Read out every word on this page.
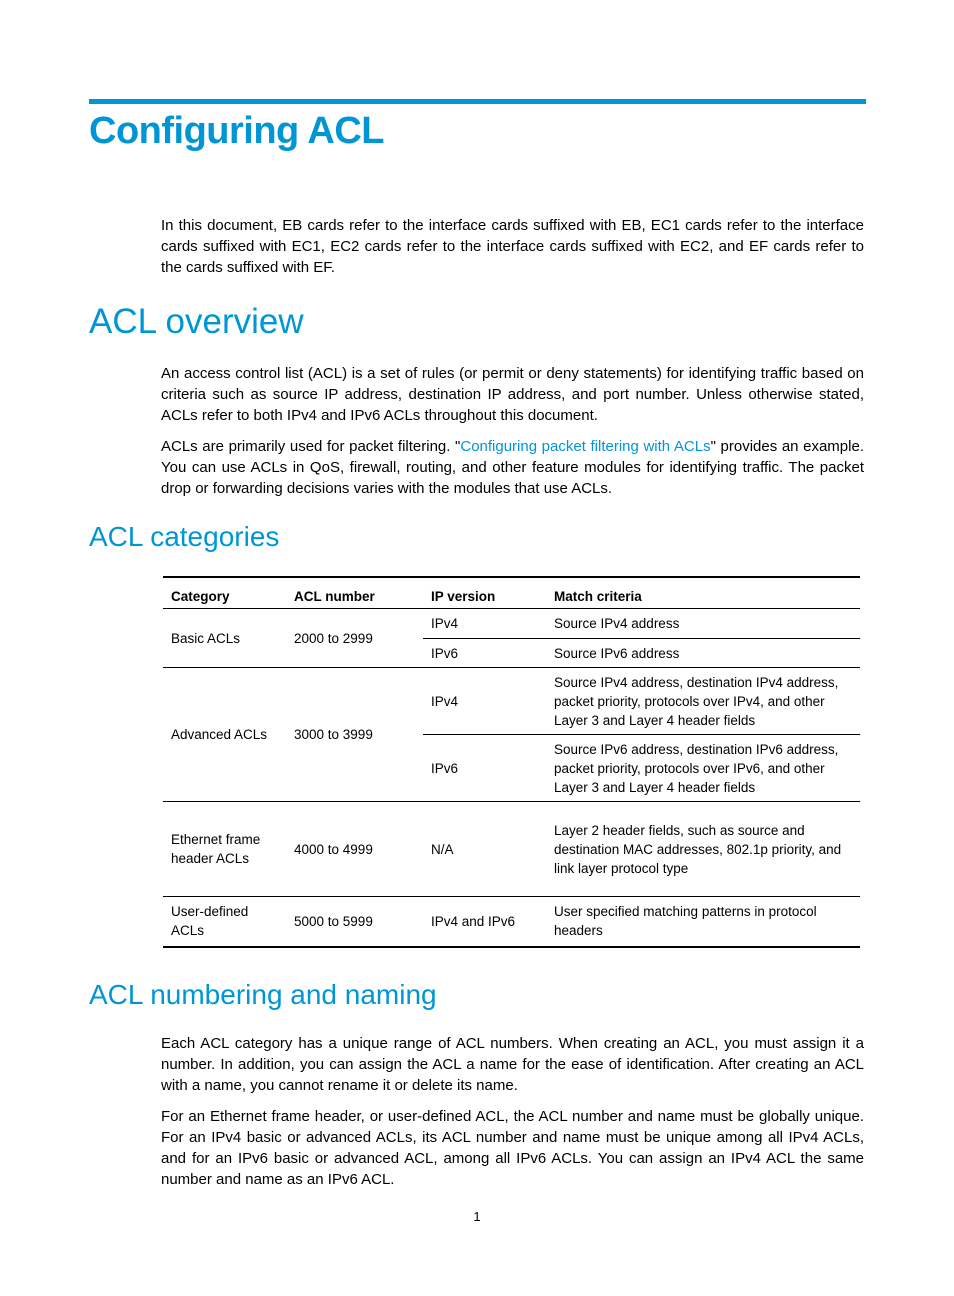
Configuring ACL

In this document, EB cards refer to the interface cards suffixed with EB, EC1 cards refer to the interface cards suffixed with EC1, EC2 cards refer to the interface cards suffixed with EC2, and EF cards refer to the cards suffixed with EF.

ACL overview

An access control list (ACL) is a set of rules (or permit or deny statements) for identifying traffic based on criteria such as source IP address, destination IP address, and port number. Unless otherwise stated, ACLs refer to both IPv4 and IPv6 ACLs throughout this document.

ACLs are primarily used for packet filtering. "Configuring packet filtering with ACLs" provides an example. You can use ACLs in QoS, firewall, routing, and other feature modules for identifying traffic. The packet drop or forwarding decisions varies with the modules that use ACLs.

ACL categories
Category	ACL number	IP version	Match criteria
Basic ACLs	2000 to 2999	IPv4	Source IPv4 address
		IPv6	Source IPv6 address
Advanced ACLs	3000 to 3999	IPv4	Source IPv4 address, destination IPv4 address, packet priority, protocols over IPv4, and other Layer 3 and Layer 4 header fields
		IPv6	Source IPv6 address, destination IPv6 address, packet priority, protocols over IPv6, and other Layer 3 and Layer 4 header fields
Ethernet frame header ACLs	4000 to 4999	N/A	Layer 2 header fields, such as source and destination MAC addresses, 802.1p priority, and link layer protocol type
User-defined ACLs	5000 to 5999	IPv4 and IPv6	User specified matching patterns in protocol headers
ACL numbering and naming

Each ACL category has a unique range of ACL numbers. When creating an ACL, you must assign it a number. In addition, you can assign the ACL a name for the ease of identification. After creating an ACL with a name, you cannot rename it or delete its name.

For an Ethernet frame header, or user-defined ACL, the ACL number and name must be globally unique. For an IPv4 basic or advanced ACLs, its ACL number and name must be unique among all IPv4 ACLs, and for an IPv6 basic or advanced ACL, among all IPv6 ACLs. You can assign an IPv4 ACL the same number and name as an IPv6 ACL.

1
